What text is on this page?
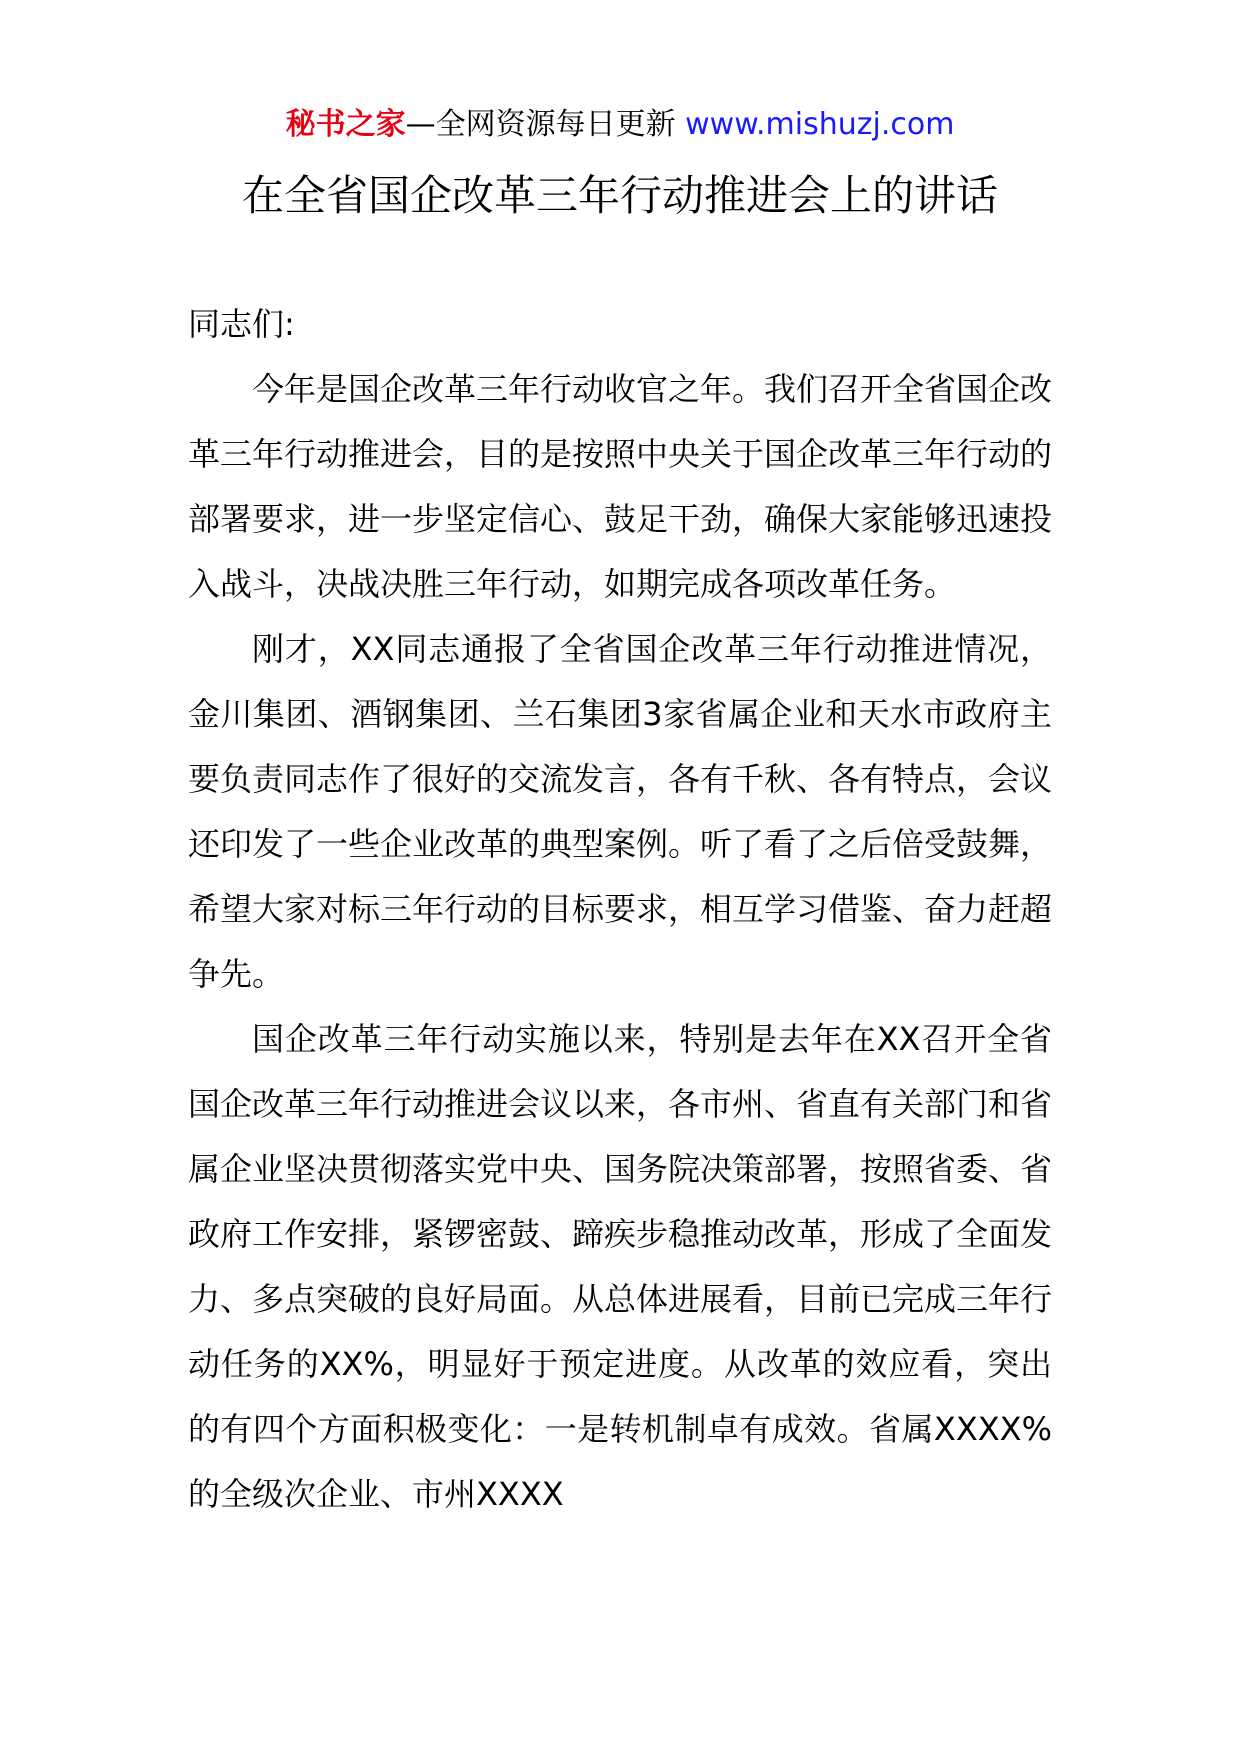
秘书之家—全网资源每日更新 www.mishuzj.com
在全省国企改革三年行动推进会上的讲话

同志们:

今年是国企改革三年行动收官之年。我们召开全省国企改革三年行动推进会，目的是按照中央关于国企改革三年行动的部署要求，进一步坚定信心、鼓足干劲，确保大家能够迅速投入战斗，决战决胜三年行动，如期完成各项改革任务。

刚才，XX同志通报了全省国企改革三年行动推进情况，金川集团、酒钢集团、兰石集团3家省属企业和天水市政府主要负责同志作了很好的交流发言，各有千秋、各有特点，会议还印发了一些企业改革的典型案例。听了看了之后倍受鼓舞，希望大家对标三年行动的目标要求，相互学习借鉴、奋力赶超争先。

国企改革三年行动实施以来，特别是去年在XX召开全省国企改革三年行动推进会议以来，各市州、省直有关部门和省属企业坚决贯彻落实党中央、国务院决策部署，按照省委、省政府工作安排，紧锣密鼓、蹄疾步稳推动改革，形成了全面发力、多点突破的良好局面。从总体进展看，目前已完成三年行动任务的XX%，明显好于预定进度。从改革的效应看，突出的有四个方面积极变化：一是转机制卓有成效。省属XXXX%的全级次企业、市州XXXX
